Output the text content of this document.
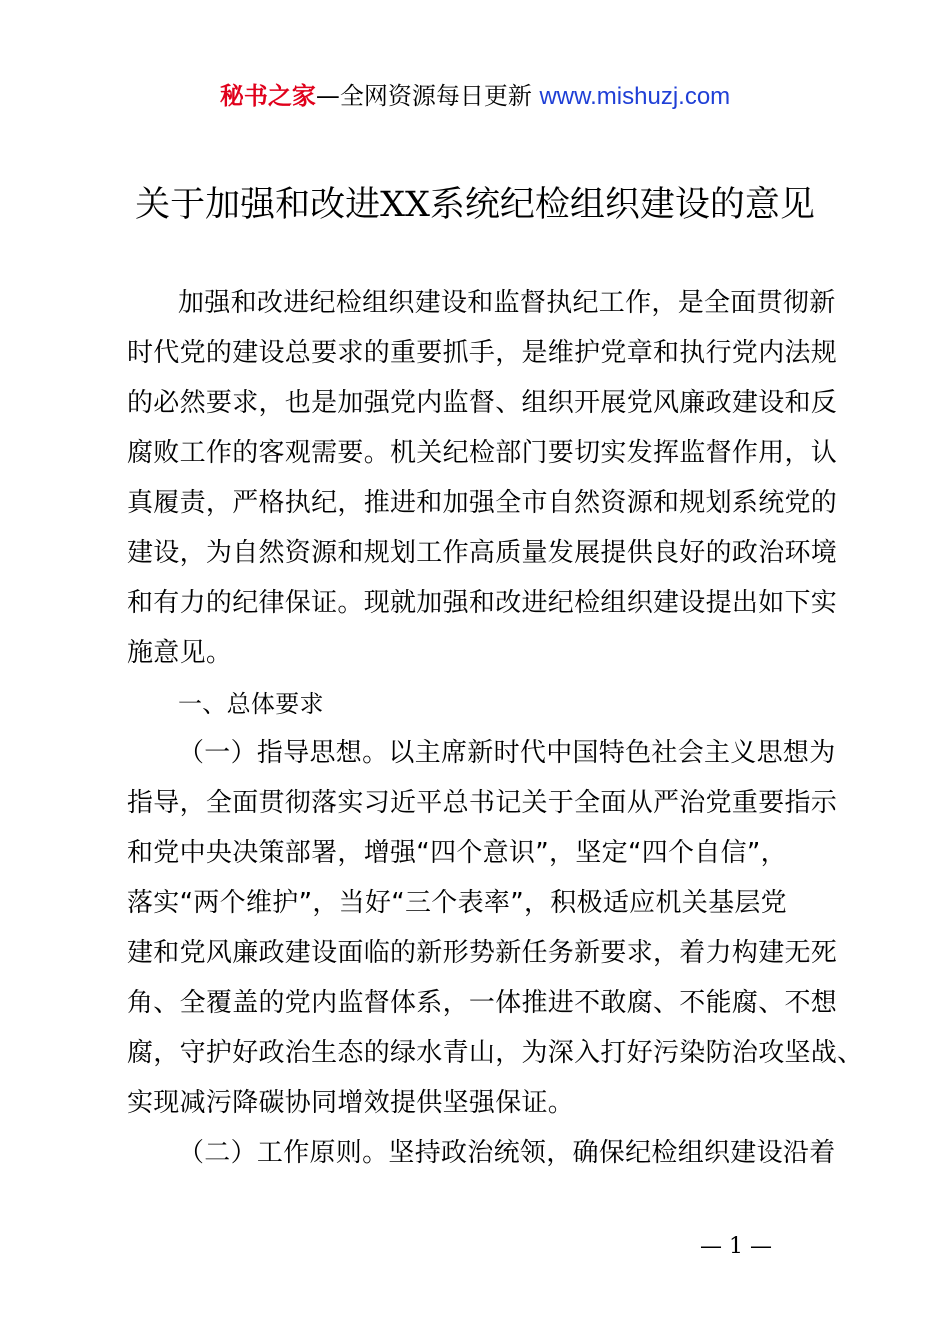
秘书之家—全网资源每日更新 www.mishuzj.com
关于加强和改进XX系统纪检组织建设的意见
加强和改进纪检组织建设和监督执纪工作，是全面贯彻新
时代党的建设总要求的重要抓手，是维护党章和执行党内法规
的必然要求，也是加强党内监督、组织开展党风廉政建设和反
腐败工作的客观需要。机关纪检部门要切实发挥监督作用，认
真履责，严格执纪，推进和加强全市自然资源和规划系统党的
建设，为自然资源和规划工作高质量发展提供良好的政治环境
和有力的纪律保证。现就加强和改进纪检组织建设提出如下实
施意见。
一、总体要求
（一）指导思想。以主席新时代中国特色社会主义思想为
指导，全面贯彻落实习近平总书记关于全面从严治党重要指示
和党中央决策部署，增强“四个意识”，坚定“四个自信”，
落实“两个维护”，当好“三个表率”，积极适应机关基层党
建和党风廉政建设面临的新形势新任务新要求，着力构建无死
角、全覆盖的党内监督体系，一体推进不敢腐、不能腐、不想
腐，守护好政治生态的绿水青山，为深入打好污染防治攻坚战、
实现减污降碳协同增效提供坚强保证。
（二）工作原则。坚持政治统领，确保纪检组织建设沿着
— 1 —
